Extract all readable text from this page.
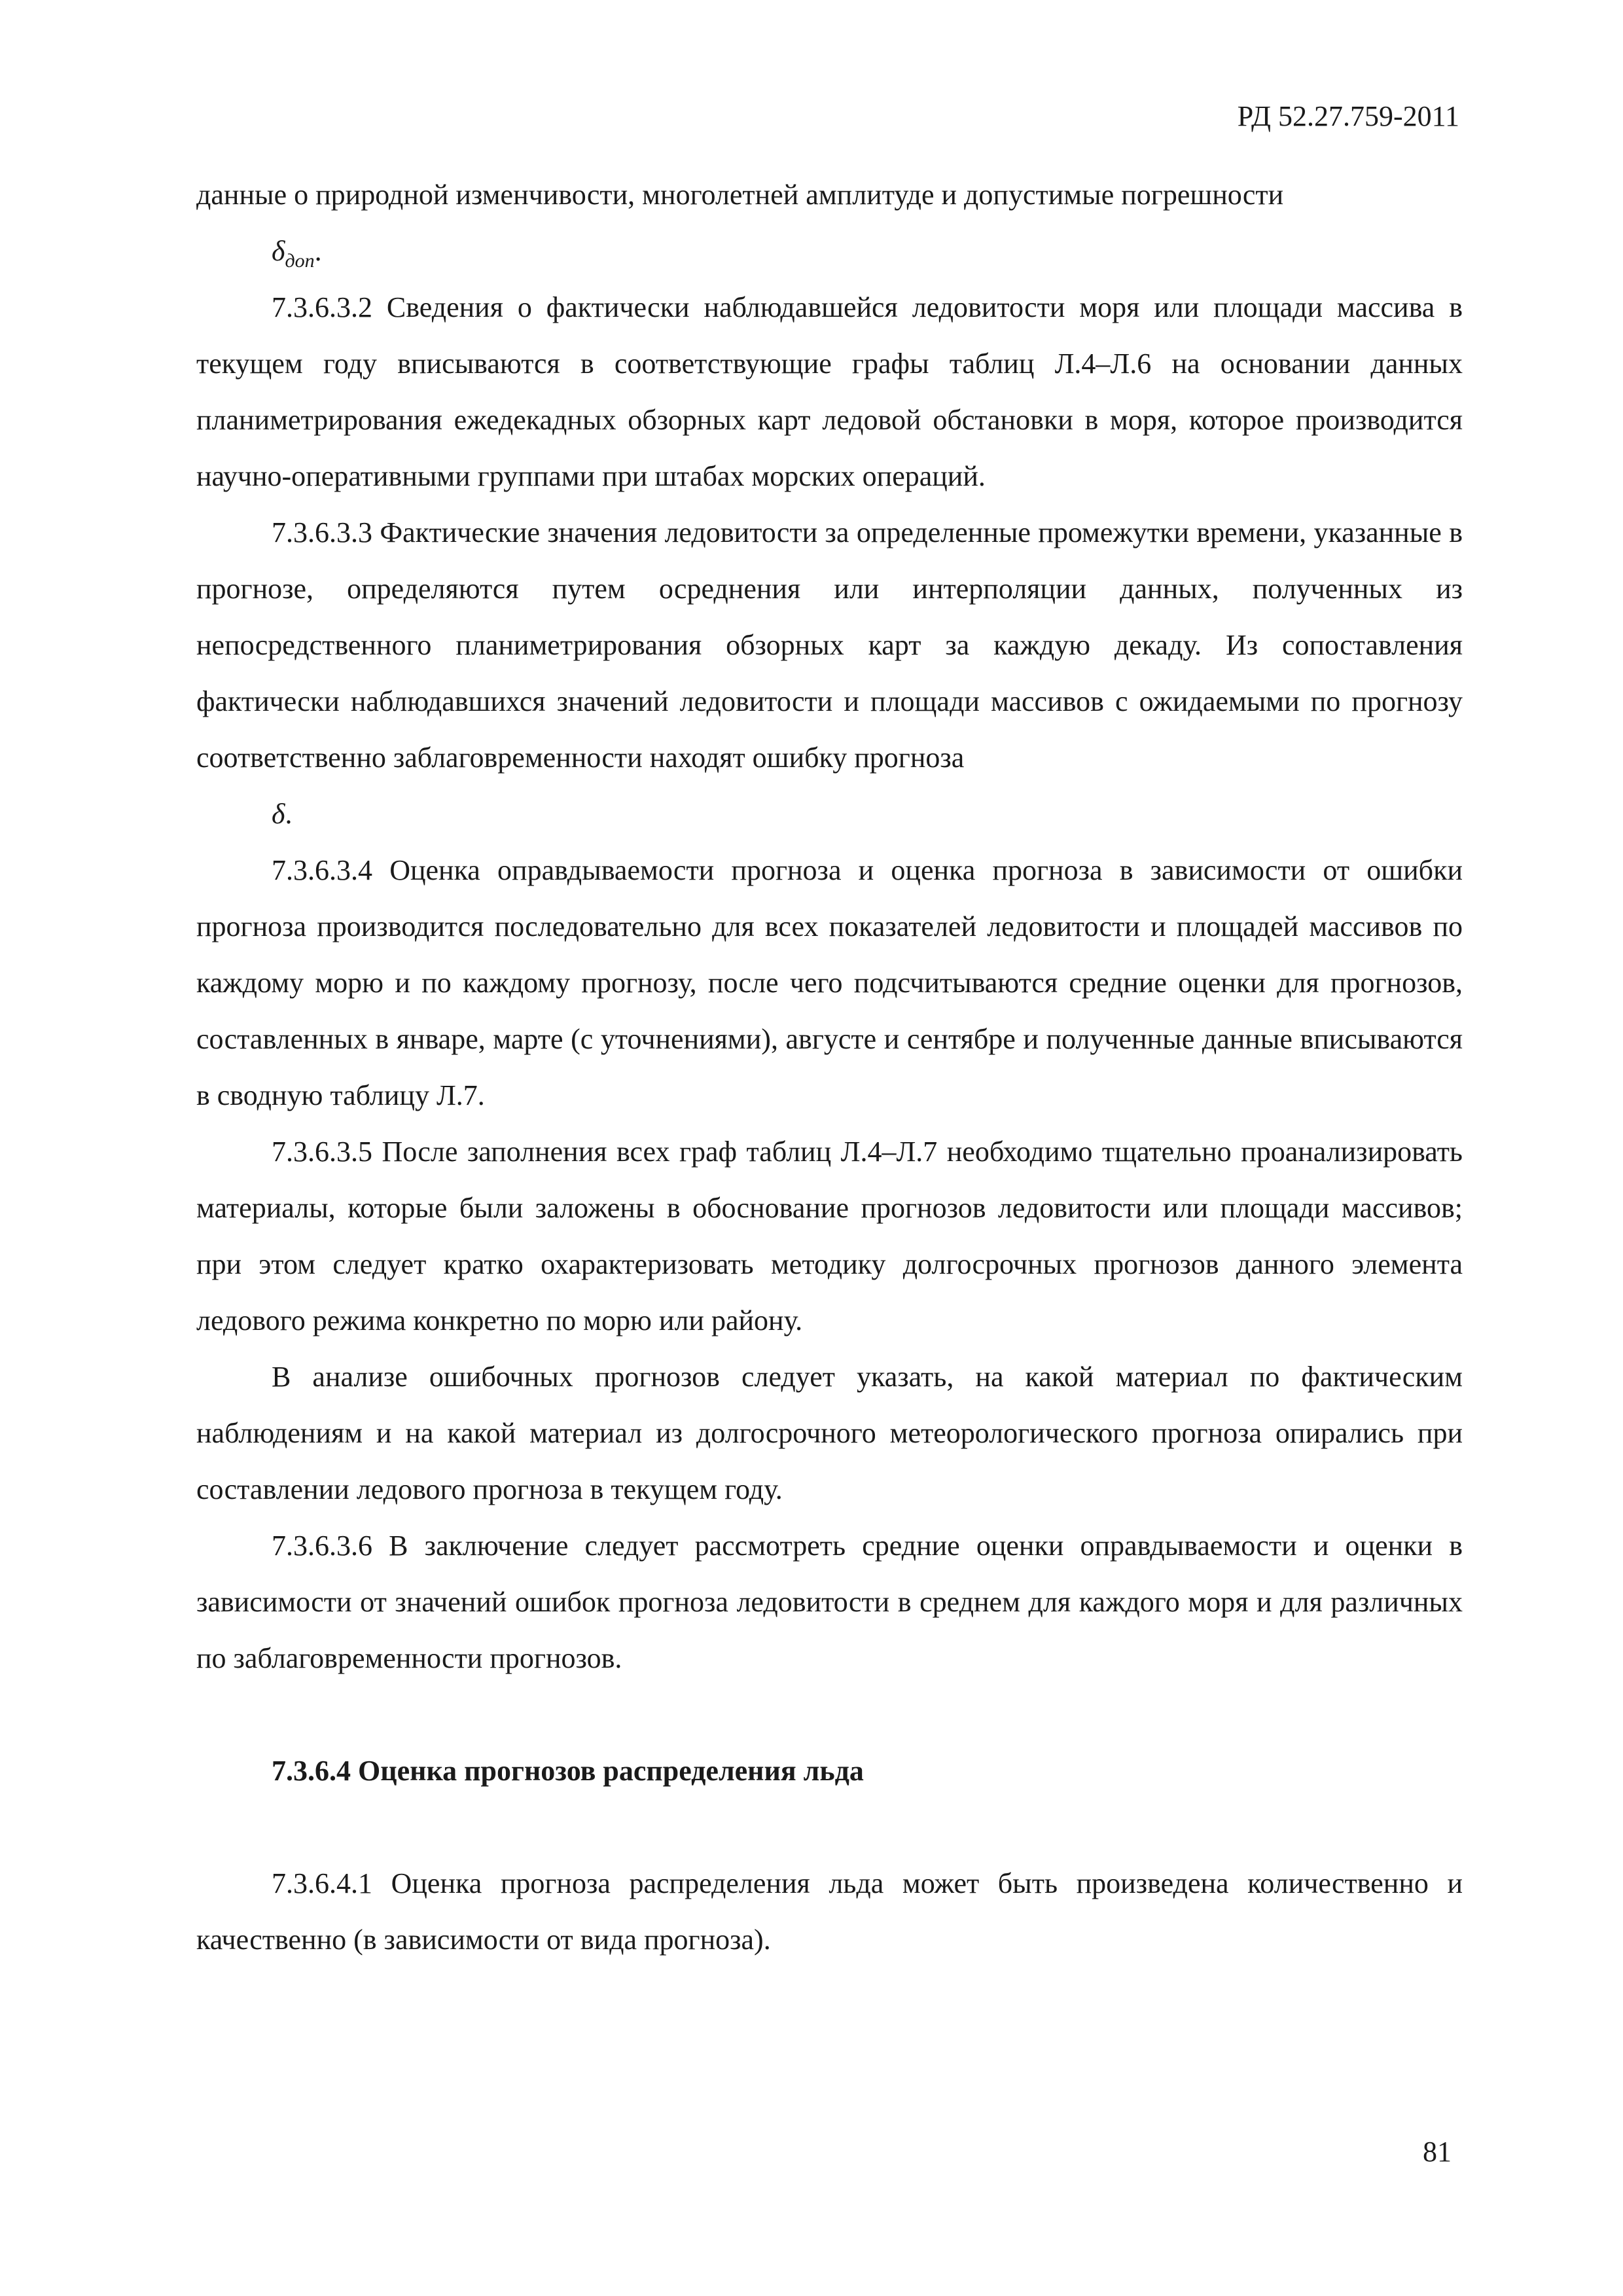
РД 52.27.759-2011

данные о природной изменчивости, многолетней амплитуде и допустимые погрешности

$\delta_{доп}$.

7.3.6.3.2 Сведения о фактически наблюдавшейся ледовитости моря или площади массива в текущем году вписываются в соответствующие графы таблиц Л.4–Л.6 на основании данных планиметрирования ежедекадных обзорных карт ледовой обстановки в моря, которое производится научно-оперативными группами при штабах морских операций.

7.3.6.3.3 Фактические значения ледовитости за определенные промежутки времени, указанные в прогнозе, определяются путем осреднения или интерполяции данных, полученных из непосредственного планиметрирования обзорных карт за каждую декаду. Из сопоставления фактически наблюдавшихся значений ледовитости и площади массивов с ожидаемыми по прогнозу соответственно заблаговременности находят ошибку прогноза

δ.

7.3.6.3.4 Оценка оправдываемости прогноза и оценка прогноза в зависимости от ошибки прогноза производится последовательно для всех показателей ледовитости и площадей массивов по каждому морю и по каждому прогнозу, после чего подсчитываются средние оценки для прогнозов, составленных в январе, марте (с уточнениями), августе и сентябре и полученные данные вписываются в сводную таблицу Л.7.

7.3.6.3.5 После заполнения всех граф таблиц Л.4–Л.7 необходимо тщательно проанализировать материалы, которые были заложены в обоснование прогнозов ледовитости или площади массивов; при этом следует кратко охарактеризовать методику долгосрочных прогнозов данного элемента ледового режима конкретно по морю или району.

В анализе ошибочных прогнозов следует указать, на какой материал по фактическим наблюдениям и на какой материал из долгосрочного метеорологического прогноза опирались при составлении ледового прогноза в текущем году.

7.3.6.3.6 В заключение следует рассмотреть средние оценки оправдываемости и оценки в зависимости от значений ошибок прогноза ледовитости в среднем для каждого моря и для различных по заблаговременности прогнозов.

7.3.6.4 Оценка прогнозов распределения льда

7.3.6.4.1 Оценка прогноза распределения льда может быть произведена количественно и качественно (в зависимости от вида прогноза).

81
